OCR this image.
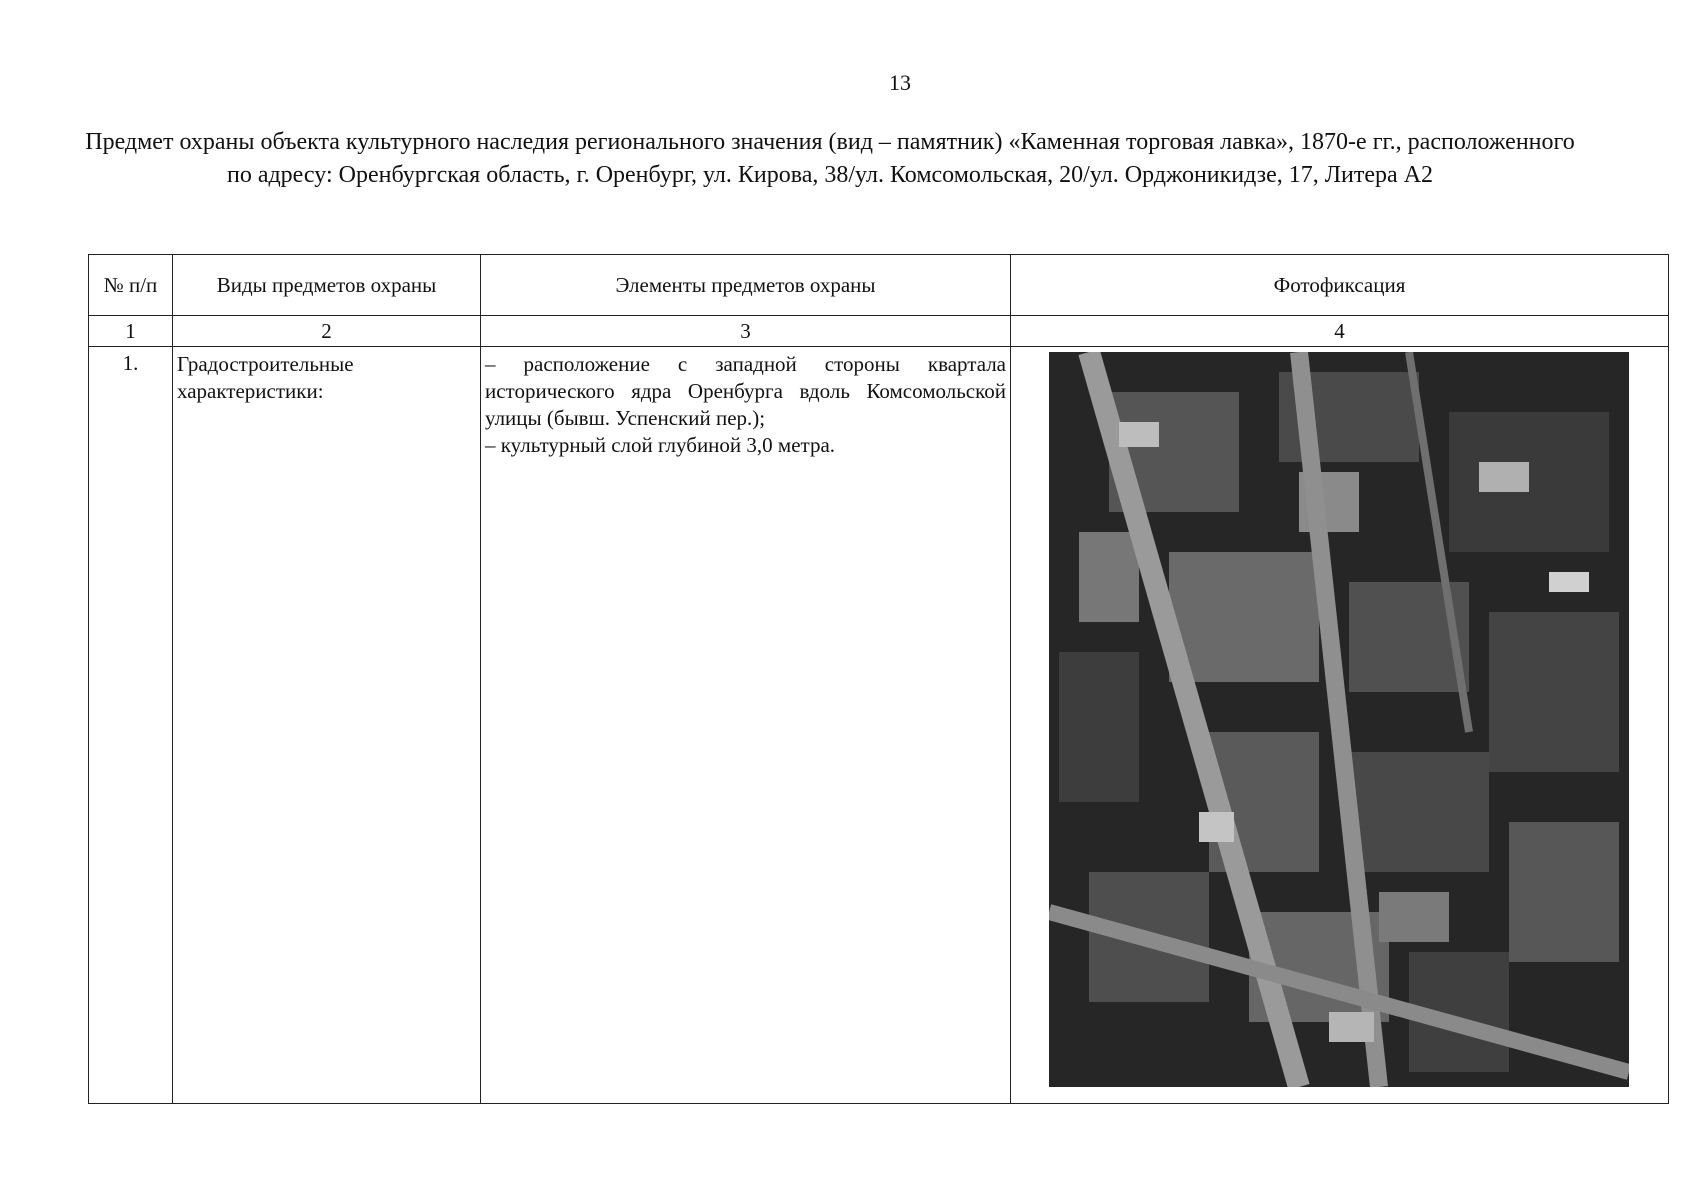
13
Предмет охраны объекта культурного наследия регионального значения (вид – памятник) «Каменная торговая лавка», 1870-е гг., расположенного по адресу: Оренбургская область, г. Оренбург, ул. Кирова, 38/ул. Комсомольская, 20/ул. Орджоникидзе, 17, Литера А2
№ п/п	Виды предметов охраны	Элементы предметов охраны	Фотофиксация
1	2	3	4
1.	Градостроительные характеристики:	– расположение с западной стороны квартала исторического ядра Оренбурга вдоль Комсомольской улицы (бывш. Успенский пер.);
– культурный слой глубиной 3,0 метра.
